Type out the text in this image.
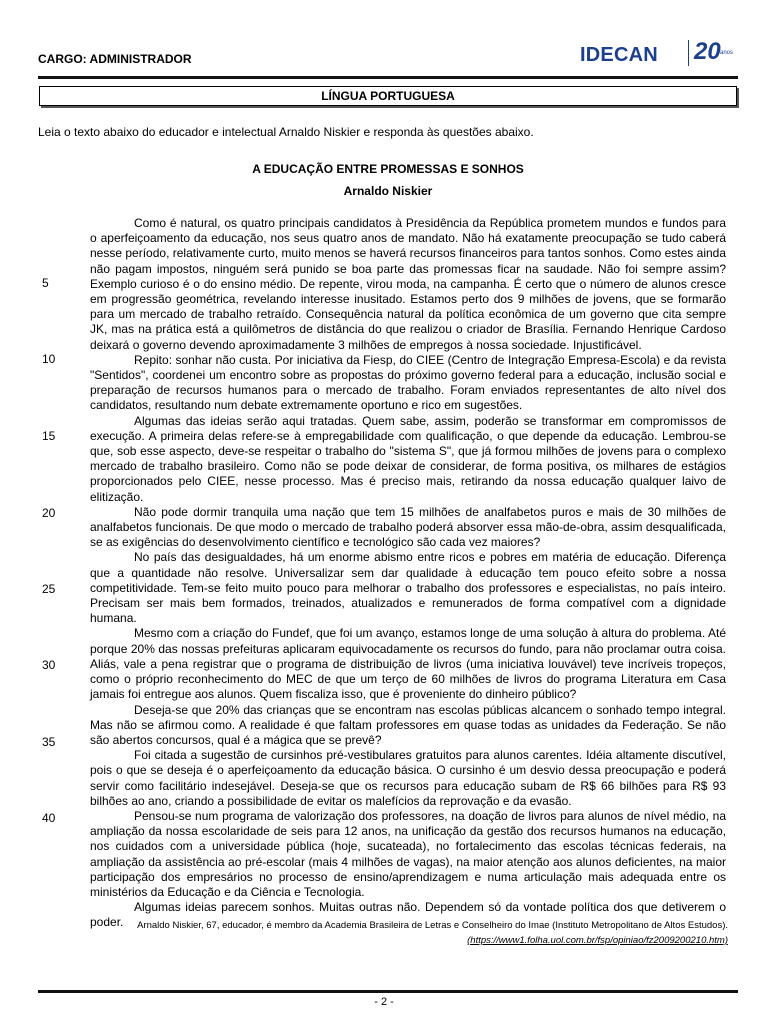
CARGO: ADMINISTRADOR	IDECAN 20 anos
LÍNGUA PORTUGUESA
Leia o texto abaixo do educador e intelectual Arnaldo Niskier e responda às questões abaixo.
A EDUCAÇÃO ENTRE PROMESSAS E SONHOS
Arnaldo Niskier
5
10
15
20
25
30
35
40

Como é natural, os quatro principais candidatos à Presidência da República prometem mundos e fundos para o aperfeiçoamento da educação, nos seus quatro anos de mandato. Não há exatamente preocupação se tudo caberá nesse período, relativamente curto, muito menos se haverá recursos financeiros para tantos sonhos. Como estes ainda não pagam impostos, ninguém será punido se boa parte das promessas ficar na saudade. Não foi sempre assim? Exemplo curioso é o do ensino médio. De repente, virou moda, na campanha. É certo que o número de alunos cresce em progressão geométrica, revelando interesse inusitado. Estamos perto dos 9 milhões de jovens, que se formarão para um mercado de trabalho retraído. Consequência natural da política econômica de um governo que cita sempre JK, mas na prática está a quilômetros de distância do que realizou o criador de Brasília. Fernando Henrique Cardoso deixará o governo devendo aproximadamente 3 milhões de empregos à nossa sociedade. Injustificável.

Repito: sonhar não custa. Por iniciativa da Fiesp, do CIEE (Centro de Integração Empresa-Escola) e da revista "Sentidos", coordenei um encontro sobre as propostas do próximo governo federal para a educação, inclusão social e preparação de recursos humanos para o mercado de trabalho. Foram enviados representantes de alto nível dos candidatos, resultando num debate extremamente oportuno e rico em sugestões.

Algumas das ideias serão aqui tratadas. Quem sabe, assim, poderão se transformar em compromissos de execução. A primeira delas refere-se à empregabilidade com qualificação, o que depende da educação. Lembrou-se que, sob esse aspecto, deve-se respeitar o trabalho do "sistema S", que já formou milhões de jovens para o complexo mercado de trabalho brasileiro. Como não se pode deixar de considerar, de forma positiva, os milhares de estágios proporcionados pelo CIEE, nesse processo. Mas é preciso mais, retirando da nossa educação qualquer laivo de elitização.

Não pode dormir tranquila uma nação que tem 15 milhões de analfabetos puros e mais de 30 milhões de analfabetos funcionais. De que modo o mercado de trabalho poderá absorver essa mão-de-obra, assim desqualificada, se as exigências do desenvolvimento científico e tecnológico são cada vez maiores?

No país das desigualdades, há um enorme abismo entre ricos e pobres em matéria de educação. Diferença que a quantidade não resolve. Universalizar sem dar qualidade à educação tem pouco efeito sobre a nossa competitividade. Tem-se feito muito pouco para melhorar o trabalho dos professores e especialistas, no país inteiro. Precisam ser mais bem formados, treinados, atualizados e remunerados de forma compatível com a dignidade humana.

Mesmo com a criação do Fundef, que foi um avanço, estamos longe de uma solução à altura do problema. Até porque 20% das nossas prefeituras aplicaram equivocadamente os recursos do fundo, para não proclamar outra coisa. Aliás, vale a pena registrar que o programa de distribuição de livros (uma iniciativa louvável) teve incríveis tropeços, como o próprio reconhecimento do MEC de que um terço de 60 milhões de livros do programa Literatura em Casa jamais foi entregue aos alunos. Quem fiscaliza isso, que é proveniente do dinheiro público?

Deseja-se que 20% das crianças que se encontram nas escolas públicas alcancem o sonhado tempo integral. Mas não se afirmou como. A realidade é que faltam professores em quase todas as unidades da Federação. Se não são abertos concursos, qual é a mágica que se prevê?

Foi citada a sugestão de cursinhos pré-vestibulares gratuitos para alunos carentes. Idéia altamente discutível, pois o que se deseja é o aperfeiçoamento da educação básica. O cursinho é um desvio dessa preocupação e poderá servir como facilitário indesejável. Deseja-se que os recursos para educação subam de R$ 66 bilhões para R$ 93 bilhões ao ano, criando a possibilidade de evitar os malefícios da reprovação e da evasão.

Pensou-se num programa de valorização dos professores, na doação de livros para alunos de nível médio, na ampliação da nossa escolaridade de seis para 12 anos, na unificação da gestão dos recursos humanos na educação, nos cuidados com a universidade pública (hoje, sucateada), no fortalecimento das escolas técnicas federais, na ampliação da assistência ao pré-escolar (mais 4 milhões de vagas), na maior atenção aos alunos deficientes, na maior participação dos empresários no processo de ensino/aprendizagem e numa articulação mais adequada entre os ministérios da Educação e da Ciência e Tecnologia.

Algumas ideias parecem sonhos. Muitas outras não. Dependem só da vontade política dos que detiverem o poder.	Arnaldo Niskier, 67, educador, é membro da Academia Brasileira de Letras e Conselheiro do Imae (Instituto Metropolitano de Altos Estudos).
(https://www1.folha.uol.com.br/fsp/opiniao/fz2009200210.htm)
- 2 -
